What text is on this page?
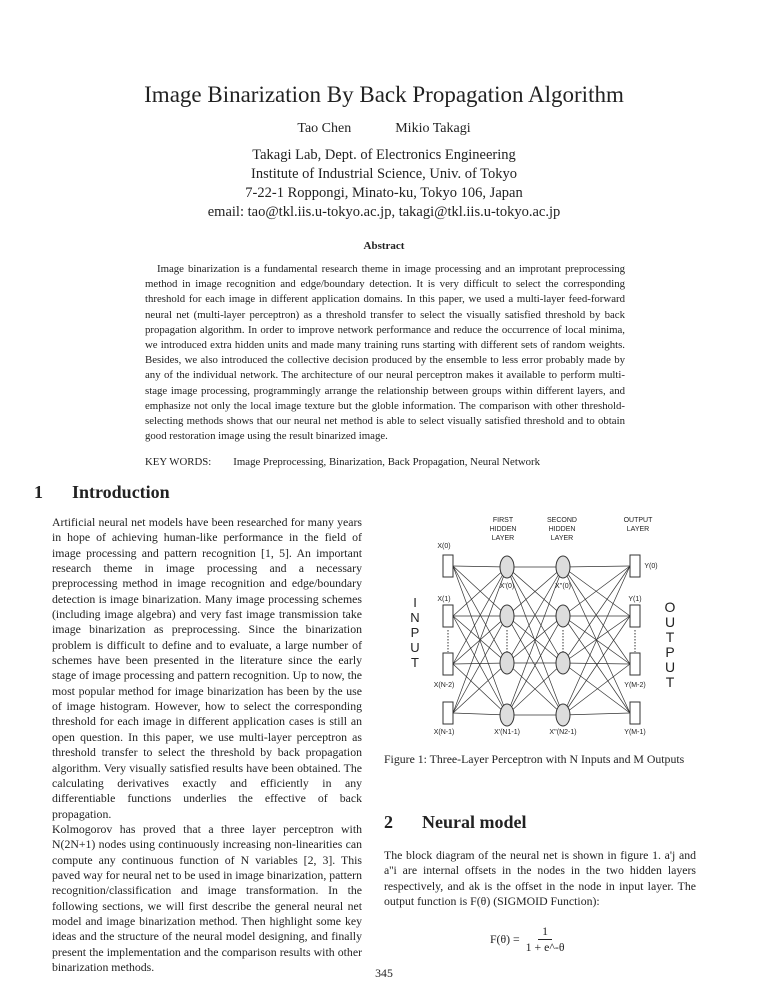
Image Binarization By Back Propagation Algorithm
Tao Chen	Mikio Takagi
Takagi Lab, Dept. of Electronics Engineering
Institute of Industrial Science, Univ. of Tokyo
7-22-1 Roppongi, Minato-ku, Tokyo 106, Japan
email: tao@tkl.iis.u-tokyo.ac.jp, takagi@tkl.iis.u-tokyo.ac.jp
Abstract
Image binarization is a fundamental research theme in image processing and an improtant preprocessing method in image recognition and edge/boundary detection. It is very difficult to select the corresponding threshold for each image in different application domains. In this paper, we used a multi-layer feed-forward neural net (multi-layer perceptron) as a threshold transfer to select the visually satisfied threshold by back propagation algorithm. In order to improve network performance and reduce the occurrence of local minima, we introduced extra hidden units and made many training runs starting with different sets of random weights. Besides, we also introduced the collective decision produced by the ensemble to less error probably made by any of the individual network. The architecture of our neural perceptron makes it available to perform multi-stage image processing, programmingly arrange the relationship between groups within different layers, and emphasize not only the local image texture but the globle information. The comparison with other threshold-selecting methods shows that our neural net method is able to select visually satisfied threshold and to obtain good restoration image using the result binarized image.
KEY WORDS: Image Preprocessing, Binarization, Back Propagation, Neural Network
1 Introduction
Artificial neural net models have been researched for many years in hope of achieving human-like performance in the field of image processing and pattern recognition [1, 5]. An important research theme in image processing and a necessary preprocessing method in image recognition and edge/boundary detection is image binarization. Many image processing schemes (including image algebra) and very fast image transmission take image binarization as preprocessing. Since the binarization problem is difficult to define and to evaluate, a large number of schemes have been presented in the literature since the early stage of image processing and pattern recognition. Up to now, the most popular method for image binarization has been by the use of image histogram. However, how to select the corresponding threshold for each image in different application cases is still an open question. In this paper, we use multi-layer perceptron as threshold transfer to select the threshold by back propagation algorithm. Very visually satisfied results have been obtained. The calculating derivatives exactly and efficiently in any differentiable functions underlies the effective of back propagation.
Kolmogorov has proved that a three layer perceptron with N(2N+1) nodes using continuously increasing non-linearities can compute any continuous function of N variables [2, 3]. This paved way for neural net to be used in image binarization, pattern recognition/classification and image transformation. In the following sections, we will first describe the general neural net model and image binarization method. Then highlight some key ideas and the structure of the neural model designing, and finally present the implementation and the comparison results with other binarization methods.
FIRST
HIDDEN
LAYER
SECOND
HIDDEN
LAYER
OUTPUT
LAYER
X(0)
X(1)
X(N-2)
X(N-1)
Y(0)
Y(1)
Y(M-2)
Y(M-1)
X'(0)
X'(N1-1)
X''(0)
X''(N2-1)
I
N
P
U
T
O
U
T
P
U
T
Figure 1: Three-Layer Perceptron with N Inputs and M Outputs
2 Neural model
The block diagram of the neural net is shown in figure 1. a'j and a''i are internal offsets in the nodes in the two hidden layers respectively, and ak is the offset in the node in input layer. The output function is F(θ) (SIGMOID Function):
$F(\theta) = \frac{1}{1 + e\^{}-\theta}$
345
